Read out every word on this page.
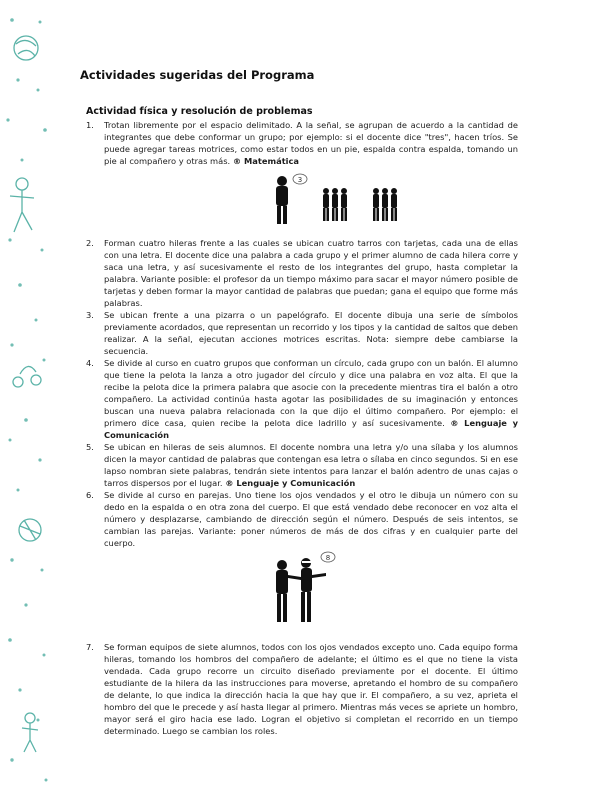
Actividades sugeridas del Programa
Actividad física y resolución de problemas
1. Trotan libremente por el espacio delimitado. A la señal, se agrupan de acuerdo a la cantidad de integrantes que debe conformar un grupo; por ejemplo: si el docente dice "tres", hacen tríos. Se puede agregar tareas motrices, como estar todos en un pie, espalda contra espalda, tomando un pie al compañero y otras más. ® Matemática
3
2. Forman cuatro hileras frente a las cuales se ubican cuatro tarros con tarjetas, cada una de ellas con una letra. El docente dice una palabra a cada grupo y el primer alumno de cada hilera corre y saca una letra, y así sucesivamente el resto de los integrantes del grupo, hasta completar la palabra. Variante posible: el profesor da un tiempo máximo para sacar el mayor número posible de tarjetas y deben formar la mayor cantidad de palabras que puedan; gana el equipo que forme más palabras.
3. Se ubican frente a una pizarra o un papelógrafo. El docente dibuja una serie de símbolos previamente acordados, que representan un recorrido y los tipos y la cantidad de saltos que deben realizar. A la señal, ejecutan acciones motrices escritas. Nota: siempre debe cambiarse la secuencia.
4. Se divide al curso en cuatro grupos que conforman un círculo, cada grupo con un balón. El alumno que tiene la pelota la lanza a otro jugador del círculo y dice una palabra en voz alta. El que la recibe la pelota dice la primera palabra que asocie con la precedente mientras tira el balón a otro compañero. La actividad continúa hasta agotar las posibilidades de su imaginación y entonces buscan una nueva palabra relacionada con la que dijo el último compañero. Por ejemplo: el primero dice casa, quien recibe la pelota dice ladrillo y así sucesivamente. ® Lenguaje y Comunicación
5. Se ubican en hileras de seis alumnos. El docente nombra una letra y/o una sílaba y los alumnos dicen la mayor cantidad de palabras que contengan esa letra o sílaba en cinco segundos. Si en ese lapso nombran siete palabras, tendrán siete intentos para lanzar el balón adentro de unas cajas o tarros dispersos por el lugar. ® Lenguaje y Comunicación
6. Se divide al curso en parejas. Uno tiene los ojos vendados y el otro le dibuja un número con su dedo en la espalda o en otra zona del cuerpo. El que está vendado debe reconocer en voz alta el número y desplazarse, cambiando de dirección según el número. Después de seis intentos, se cambian las parejas. Variante: poner números de más de dos cifras y en cualquier parte del cuerpo.
8
7. Se forman equipos de siete alumnos, todos con los ojos vendados excepto uno. Cada equipo forma hileras, tomando los hombros del compañero de adelante; el último es el que no tiene la vista vendada. Cada grupo recorre un circuito diseñado previamente por el docente. El último estudiante de la hilera da las instrucciones para moverse, apretando el hombro de su compañero de delante, lo que indica la dirección hacia la que hay que ir. El compañero, a su vez, aprieta el hombro del que le precede y así hasta llegar al primero. Mientras más veces se apriete un hombro, mayor será el giro hacia ese lado. Logran el objetivo si completan el recorrido en un tiempo determinado. Luego se cambian los roles.
